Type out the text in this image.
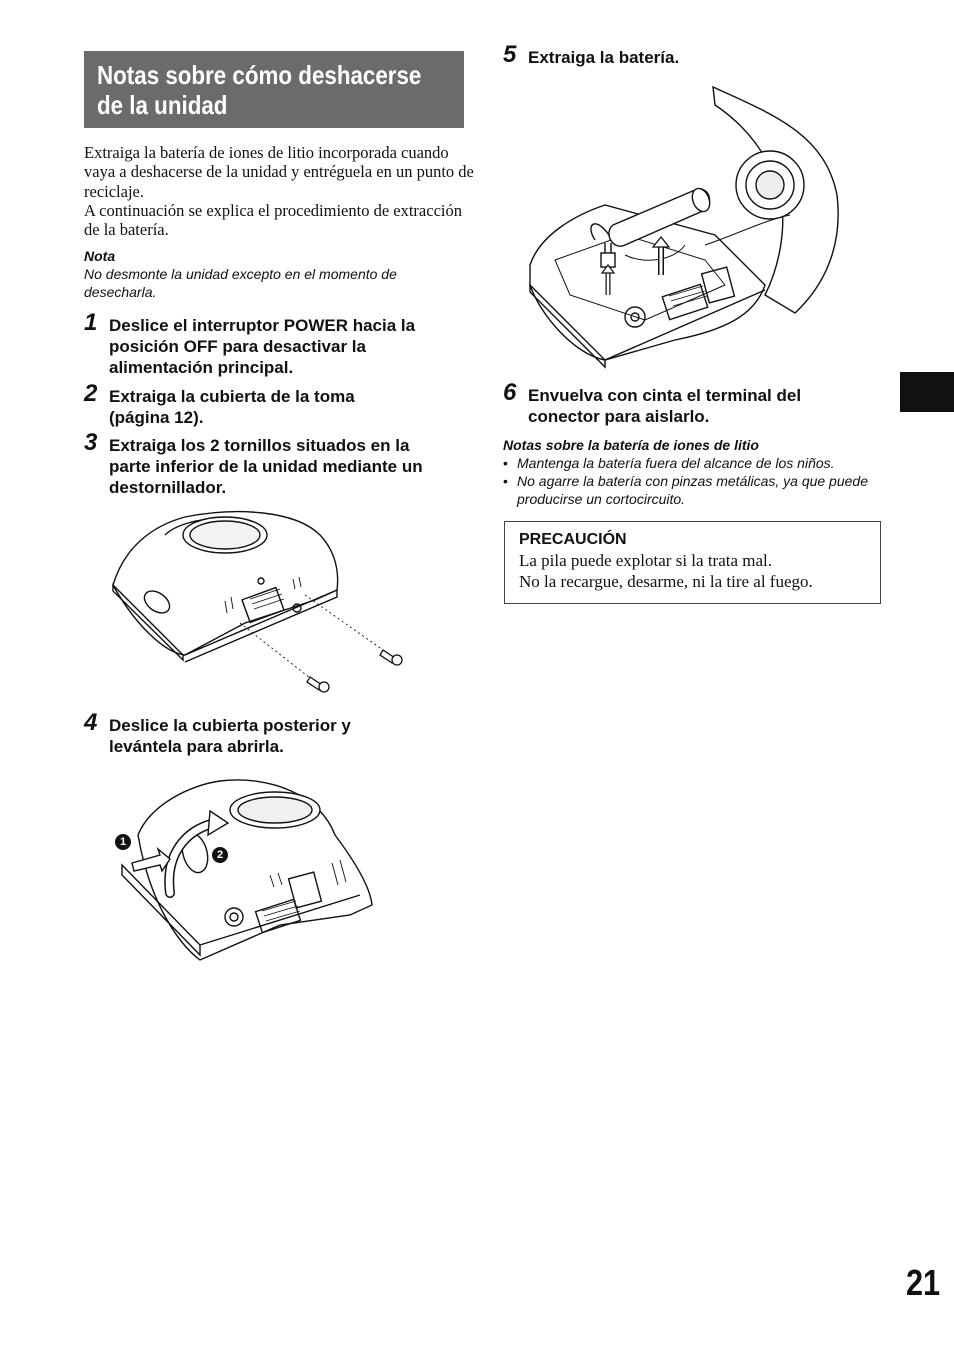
Notas sobre cómo deshacerse
de la unidad

Extraiga la batería de iones de litio incorporada cuando vaya a deshacerse de la unidad y entréguela en un punto de reciclaje.

A continuación se explica el procedimiento de extracción de la batería.

Nota
No desmonte la unidad excepto en el momento de desecharla.
1 Deslice el interruptor POWER hacia la
posición OFF para desactivar la
alimentación principal.
2 Extraiga la cubierta de la toma
(página 12).
3 Extraiga los 2 tornillos situados en la
parte inferior de la unidad mediante un
destornillador.
4 Deslice la cubierta posterior y
levántela para abrirla.
1
2
5 Extraiga la batería.
6 Envuelva con cinta el terminal del
conector para aislarlo.
Notas sobre la batería de iones de litio
• Mantenga la batería fuera del alcance de los niños.
• No agarre la batería con pinzas metálicas, ya que puede producirse un cortocircuito.
PRECAUCIÓN
La pila puede explotar si la trata mal.
No la recargue, desarme, ni la tire al fuego.
21
